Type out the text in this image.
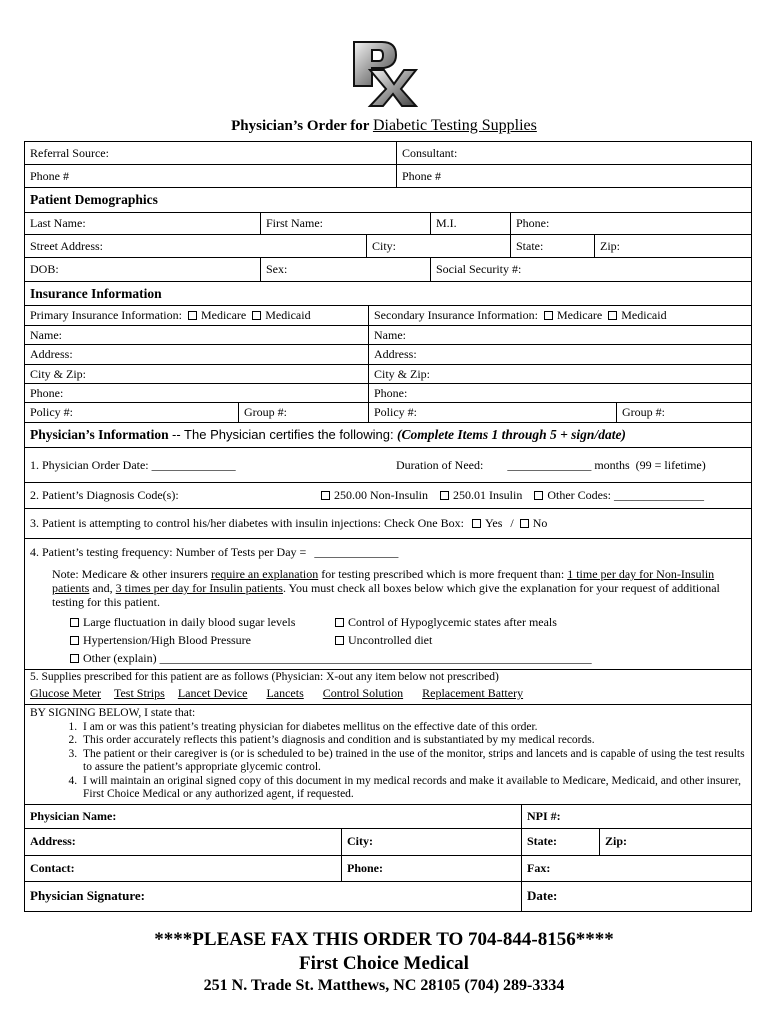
Physician’s Order for Diabetic Testing Supplies
Referral Source:	Consultant:
Phone #	Phone #
Patient Demographics
Last Name:	First Name:	M.I.	Phone:
Street Address:	City:	State:	Zip:
DOB:	Sex:	Social Security #:
Insurance Information
Primary Insurance Information: Medicare Medicaid	Secondary Insurance Information: Medicare Medicaid
Name:	Name:
Address:	Address:
City & Zip:	City & Zip:
Phone:	Phone:
Policy #:	Group #:	Policy #:	Group #:
Physician’s Information -- The Physician certifies the following: (Complete Items 1 through 5 + sign/date)
1. Physician Order Date: ______________	Duration of Need: ______________ months (99 = lifetime)
2. Patient’s Diagnosis Code(s):	250.00 Non-Insulin 250.01 Insulin Other Codes: _______________
3. Patient is attempting to control his/her diabetes with insulin injections: Check One Box: Yes / No
4. Patient’s testing frequency: Number of Tests per Day = ______________
Note: Medicare & other insurers require an explanation for testing prescribed which is more frequent than: 1 time per day for Non-Insulin patients and, 3 times per day for Insulin patients. You must check all boxes below which give the explanation for your request of additional testing for this patient.
Large fluctuation in daily blood sugar levels	Control of Hypoglycemic states after meals
Hypertension/High Blood Pressure	Uncontrolled diet
Other (explain) ________________________________________________________________________
5. Supplies prescribed for this patient are as follows (Physician: X-out any item below not prescribed)
Glucose Meter Test Strips Lancet Device Lancets Control Solution Replacement Battery
BY SIGNING BELOW, I state that:
1. I am or was this patient’s treating physician for diabetes mellitus on the effective date of this order.
2. This order accurately reflects this patient’s diagnosis and condition and is substantiated by my medical records.
3. The patient or their caregiver is (or is scheduled to be) trained in the use of the monitor, strips and lancets and is capable of using the test results to assure the patient’s appropriate glycemic control.
4. I will maintain an original signed copy of this document in my medical records and make it available to Medicare, Medicaid, and other insurer, First Choice Medical or any authorized agent, if requested.
Physician Name:	NPI #:
Address:	City:	State:	Zip:
Contact:	Phone:	Fax:
Physician Signature:	Date:
****PLEASE FAX THIS ORDER TO 704-844-8156****
First Choice Medical
251 N. Trade St. Matthews, NC 28105 (704) 289-3334
